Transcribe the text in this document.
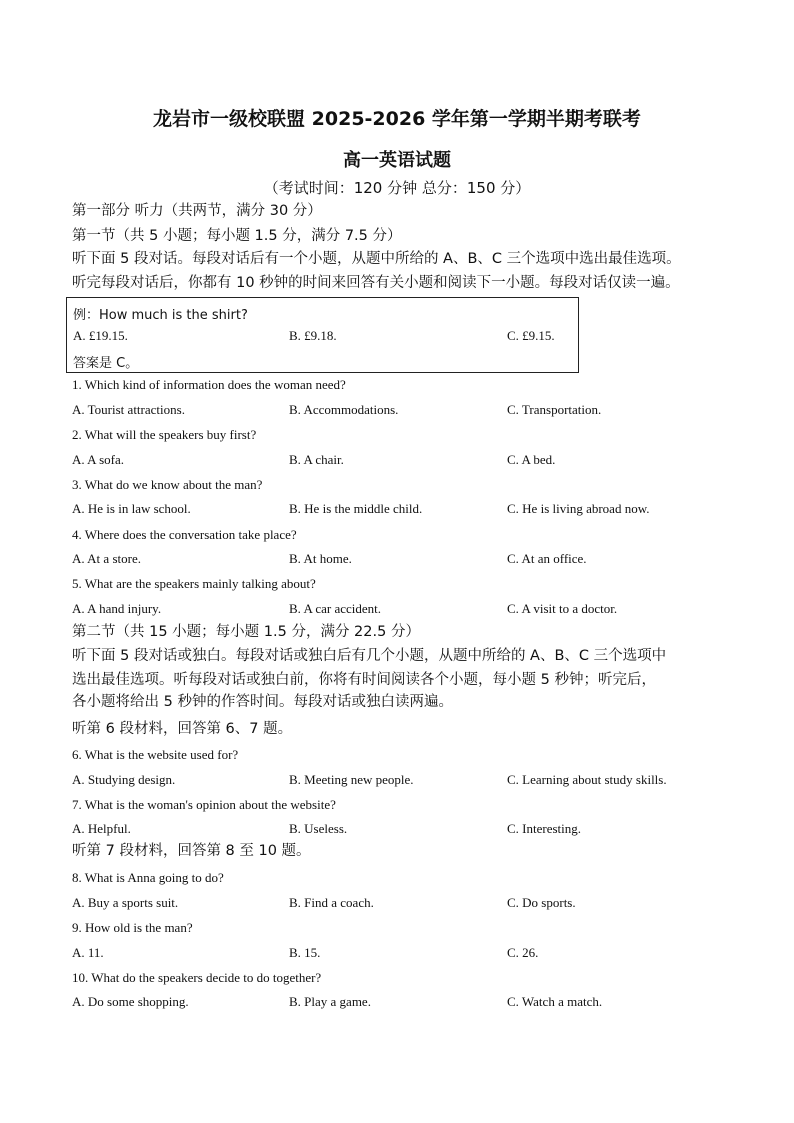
龙岩市一级校联盟 2025-2026 学年第一学期半期考联考
高一英语试题
（考试时间：120 分钟 总分：150 分）
第一部分 听力（共两节，满分 30 分）
第一节（共 5 小题；每小题 1.5 分，满分 7.5 分）
听下面 5 段对话。每段对话后有一个小题，从题中所给的 A、B、C 三个选项中选出最佳选项。
听完每段对话后，你都有 10 秒钟的时间来回答有关小题和阅读下一小题。每段对话仅读一遍。
例：How much is the shirt?
A. £19.15.	B. £9.18.	C. £9.15.
答案是 C。
1. Which kind of information does the woman need?
A. Tourist attractions.	B. Accommodations.	C. Transportation.
2. What will the speakers buy first?
A. A sofa.	B. A chair.	C. A bed.
3. What do we know about the man?
A. He is in law school.	B. He is the middle child.	C. He is living abroad now.
4. Where does the conversation take place?
A. At a store.	B. At home.	C. At an office.
5. What are the speakers mainly talking about?
A. A hand injury.	B. A car accident.	C. A visit to a doctor.
第二节（共 15 小题；每小题 1.5 分，满分 22.5 分）
听下面 5 段对话或独白。每段对话或独白后有几个小题，从题中所给的 A、B、C 三个选项中
选出最佳选项。听每段对话或独白前，你将有时间阅读各个小题，每小题 5 秒钟；听完后，
各小题将给出 5 秒钟的作答时间。每段对话或独白读两遍。
听第 6 段材料，回答第 6、7 题。
6. What is the website used for?
A. Studying design.	B. Meeting new people.	C. Learning about study skills.
7. What is the woman's opinion about the website?
A. Helpful.	B. Useless.	C. Interesting.
听第 7 段材料，回答第 8 至 10 题。
8. What is Anna going to do?
A. Buy a sports suit.	B. Find a coach.	C. Do sports.
9. How old is the man?
A. 11.	B. 15.	C. 26.
10. What do the speakers decide to do together?
A. Do some shopping.	B. Play a game.	C. Watch a match.
